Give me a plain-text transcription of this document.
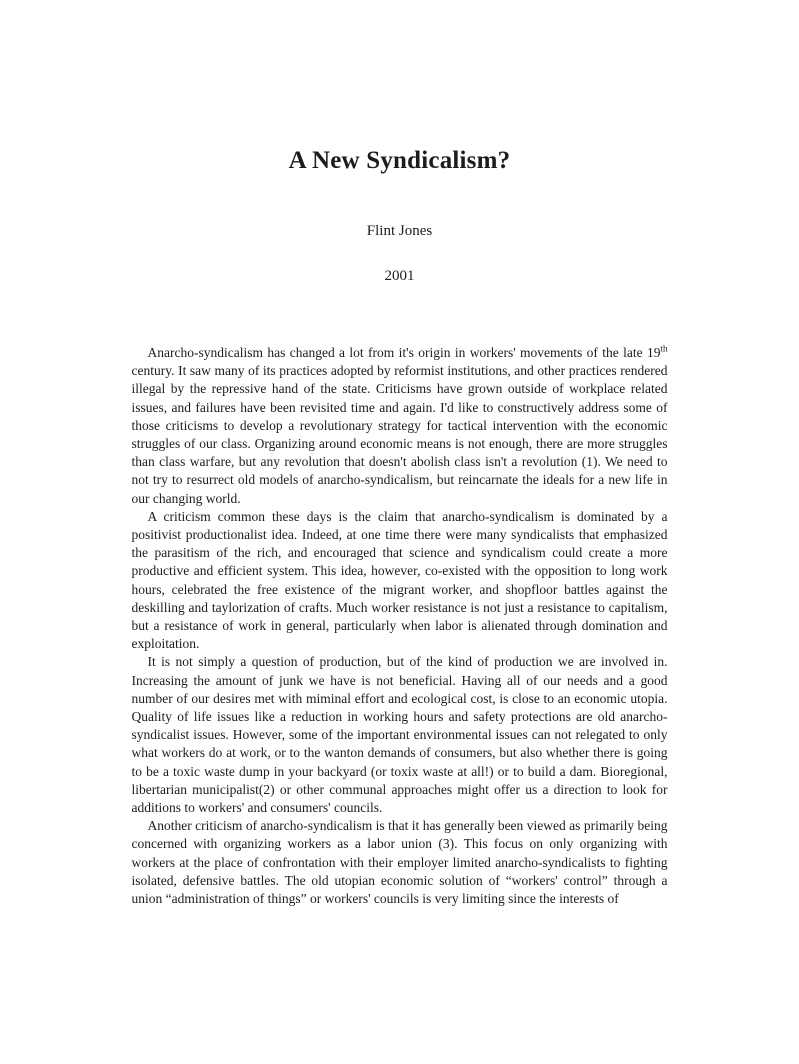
A New Syndicalism?
Flint Jones
2001

Anarcho-syndicalism has changed a lot from it's origin in workers' movements of the late 19th century. It saw many of its practices adopted by reformist institutions, and other practices rendered illegal by the repressive hand of the state. Criticisms have grown outside of workplace related issues, and failures have been revisited time and again. I'd like to constructively address some of those criticisms to develop a revolutionary strategy for tactical intervention with the economic struggles of our class. Organizing around economic means is not enough, there are more struggles than class warfare, but any revolution that doesn't abolish class isn't a revolution (1). We need to not try to resurrect old models of anarcho-syndicalism, but reincarnate the ideals for a new life in our changing world.

A criticism common these days is the claim that anarcho-syndicalism is dominated by a positivist productionalist idea. Indeed, at one time there were many syndicalists that emphasized the parasitism of the rich, and encouraged that science and syndicalism could create a more productive and efficient system. This idea, however, co-existed with the opposition to long work hours, celebrated the free existence of the migrant worker, and shopfloor battles against the deskilling and taylorization of crafts. Much worker resistance is not just a resistance to capitalism, but a resistance of work in general, particularly when labor is alienated through domination and exploitation.

It is not simply a question of production, but of the kind of production we are involved in. Increasing the amount of junk we have is not beneficial. Having all of our needs and a good number of our desires met with miminal effort and ecological cost, is close to an economic utopia. Quality of life issues like a reduction in working hours and safety protections are old anarcho-syndicalist issues. However, some of the important environmental issues can not relegated to only what workers do at work, or to the wanton demands of consumers, but also whether there is going to be a toxic waste dump in your backyard (or toxix waste at all!) or to build a dam. Bioregional, libertarian municipalist(2) or other communal approaches might offer us a direction to look for additions to workers' and consumers' councils.

Another criticism of anarcho-syndicalism is that it has generally been viewed as primarily being concerned with organizing workers as a labor union (3). This focus on only organizing with workers at the place of confrontation with their employer limited anarcho-syndicalists to fighting isolated, defensive battles. The old utopian economic solution of “workers' control” through a union “administration of things” or workers' councils is very limiting since the interests of
